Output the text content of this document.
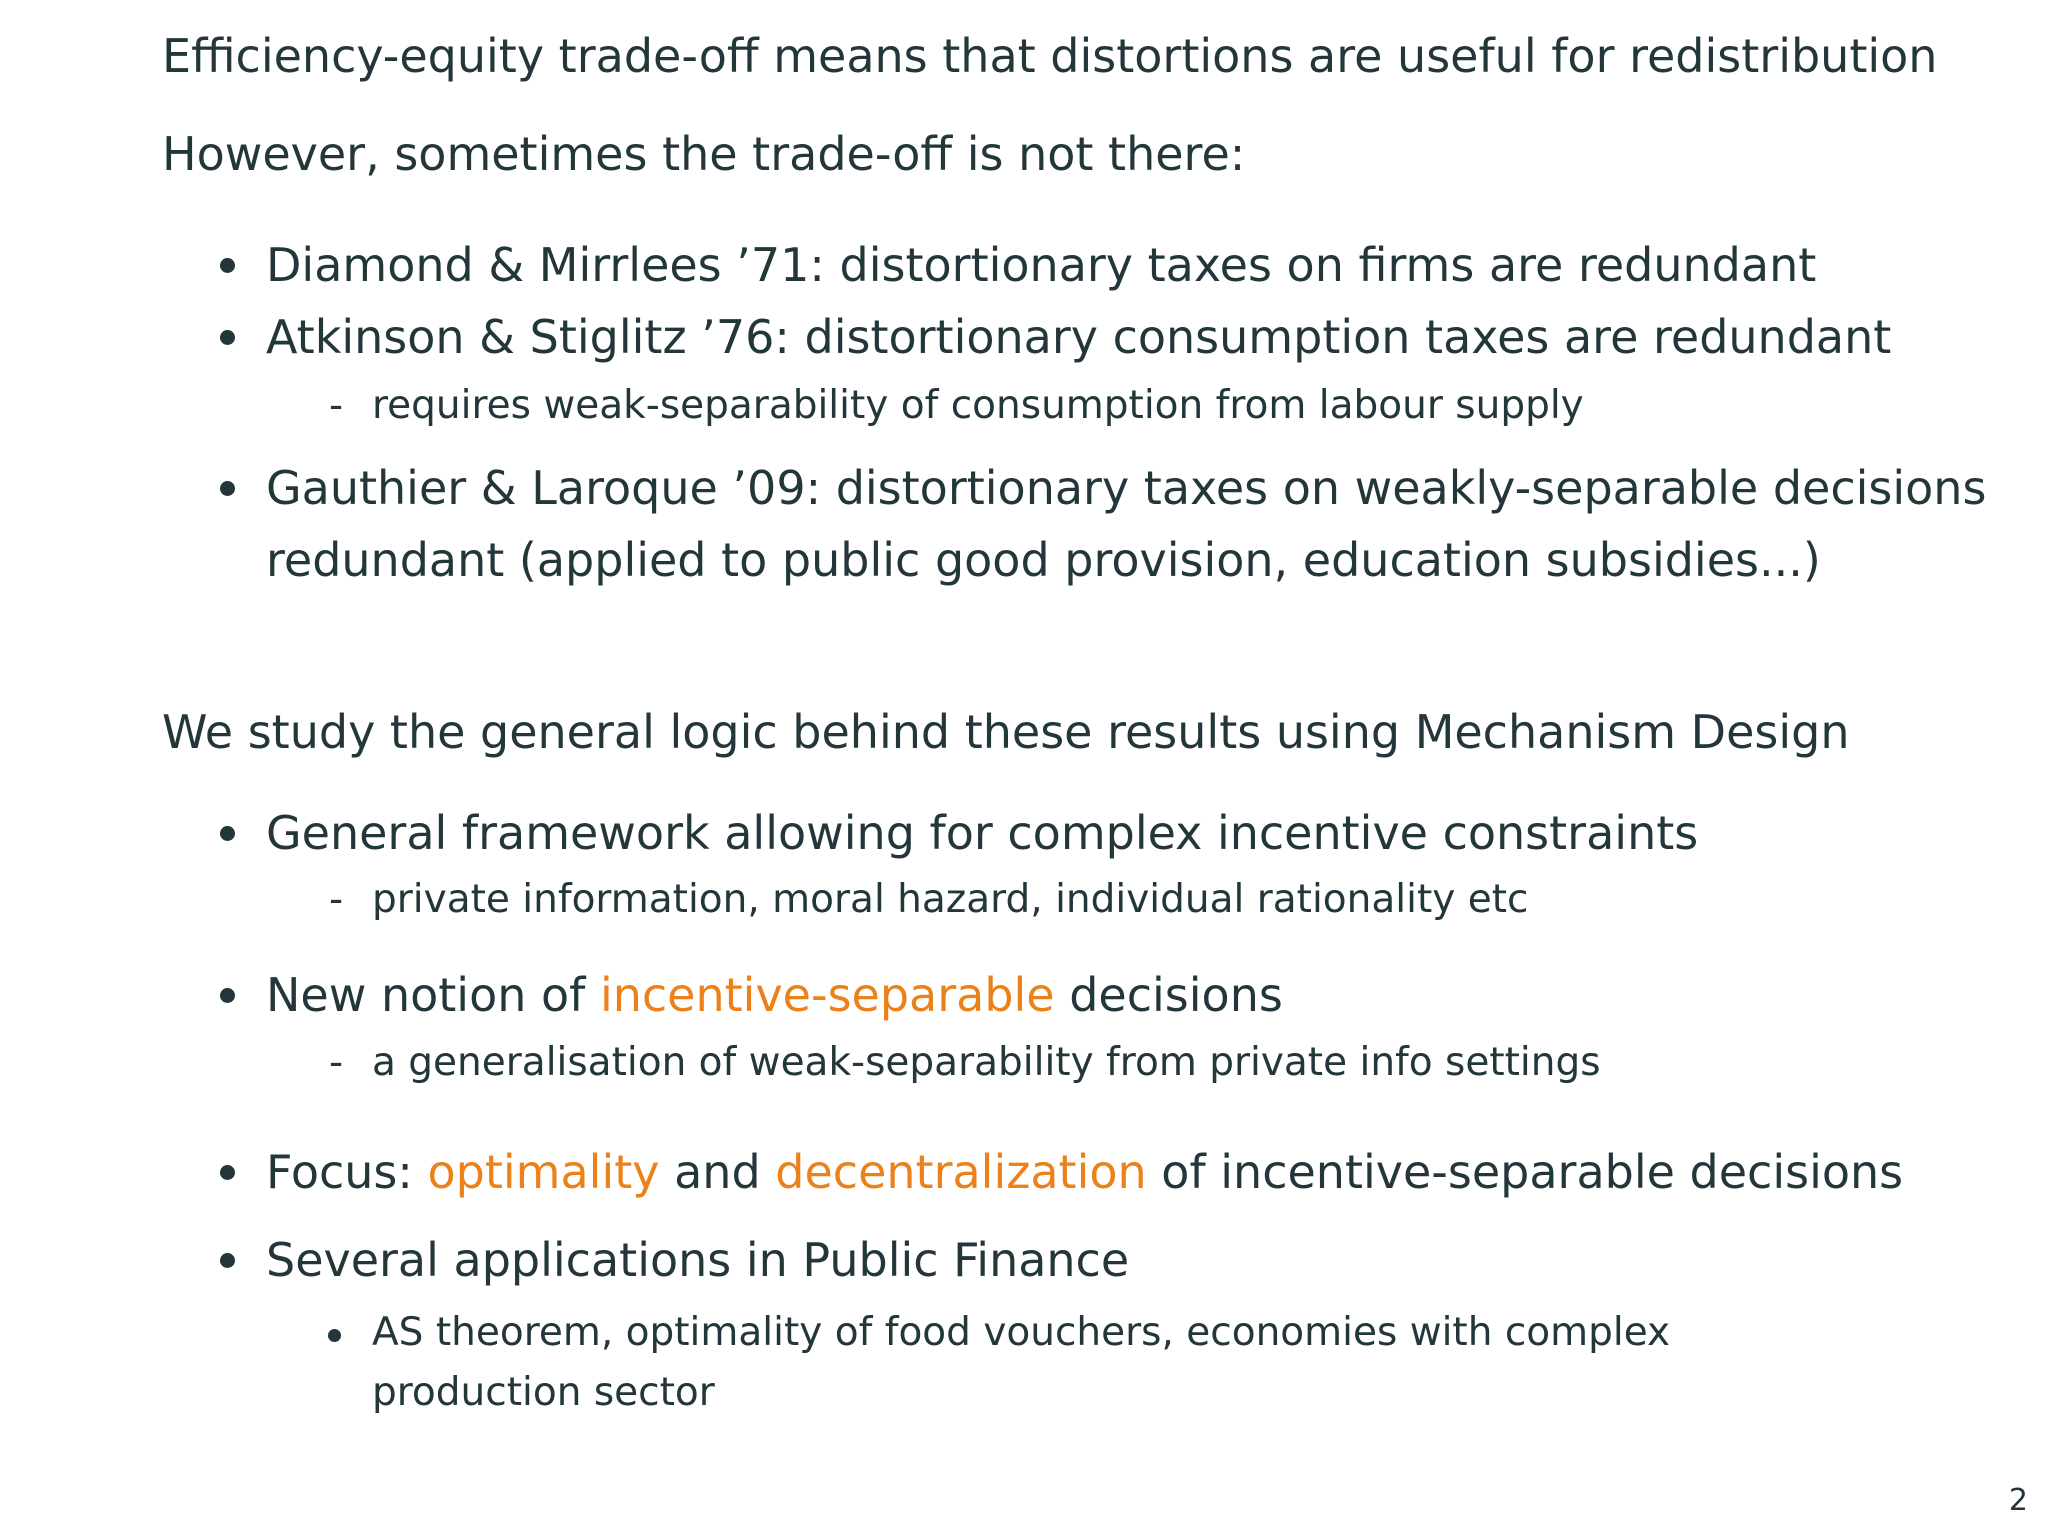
Efficiency-equity trade-off means that distortions are useful for redistribution
However, sometimes the trade-off is not there:
Diamond & Mirrlees ’71: distortionary taxes on firms are redundant
Atkinson & Stiglitz ’76: distortionary consumption taxes are redundant
- requires weak-separability of consumption from labour supply
Gauthier & Laroque ’09: distortionary taxes on weakly-separable decisions
redundant (applied to public good provision, education subsidies...)
We study the general logic behind these results using Mechanism Design
General framework allowing for complex incentive constraints
- private information, moral hazard, individual rationality etc
New notion of incentive-separable decisions
- a generalisation of weak-separability from private info settings
Focus: optimality and decentralization of incentive-separable decisions
Several applications in Public Finance
AS theorem, optimality of food vouchers, economies with complex
production sector
2
